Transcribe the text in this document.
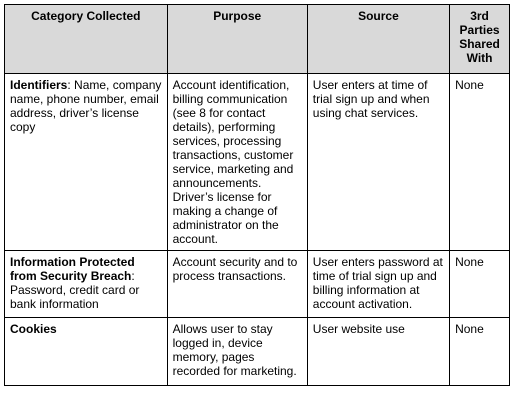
Category Collected	Purpose	Source	3rd Parties Shared With
Identifiers: Name, company name, phone number, email address, driver’s license copy	Account identification, billing communication (see 8 for contact details), performing services, processing transactions, customer service, marketing and announcements. Driver’s license for making a change of administrator on the account.	User enters at time of trial sign up and when using chat services.	None
Information Protected from Security Breach: Password, credit card or bank information	Account security and to process transactions.	User enters password at time of trial sign up and billing information at account activation.	None
Cookies	Allows user to stay logged in, device memory, pages recorded for marketing.	User website use	None
